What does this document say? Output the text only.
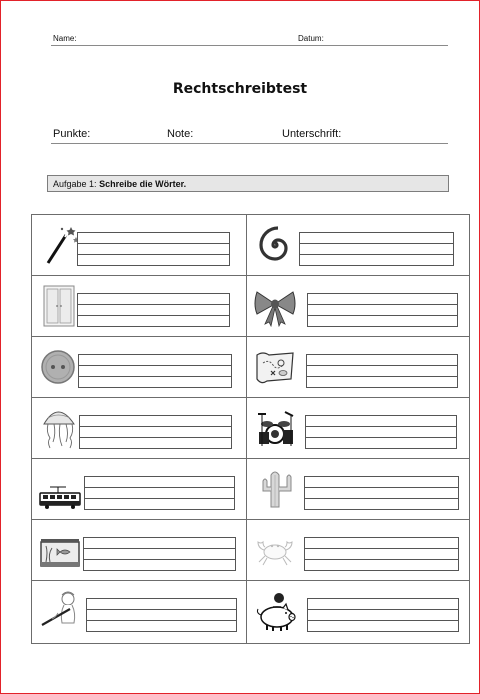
Name:	Datum:
Rechtschreibtest
Punkte:	Note:	Unterschrift:
Aufgabe 1: Schreibe die Wörter.
